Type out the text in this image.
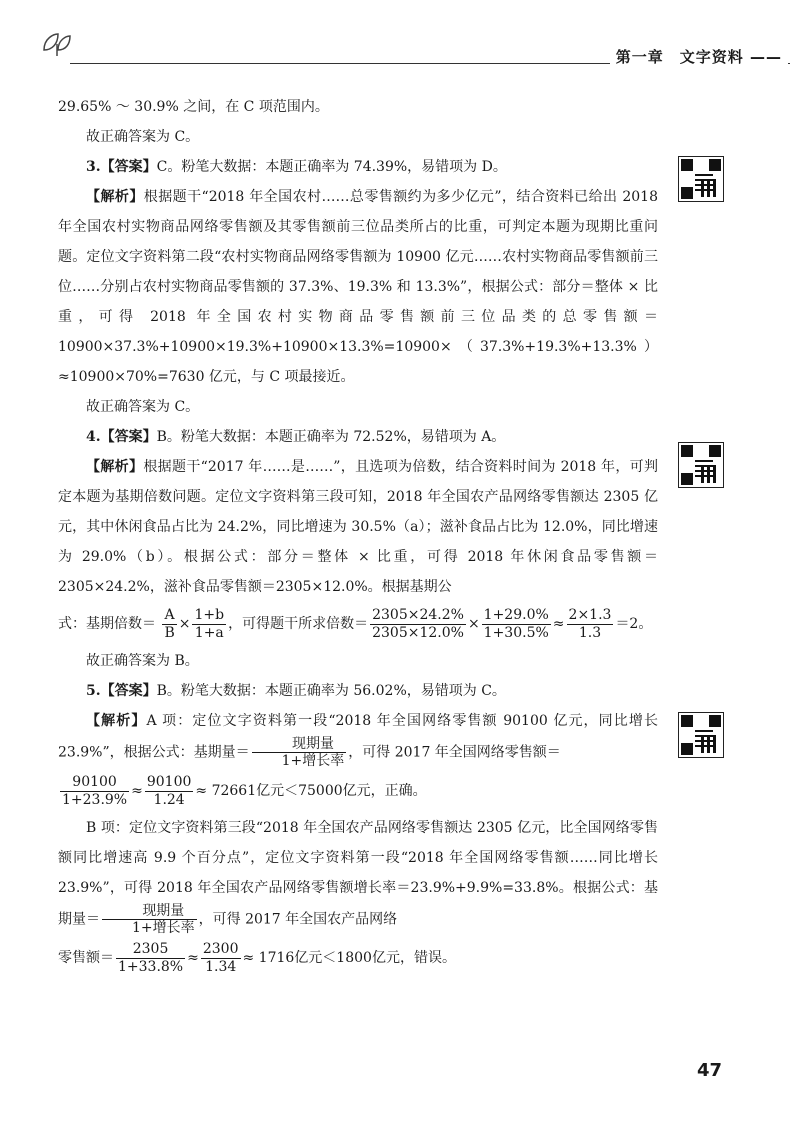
第一章　文字资料 ——

29.65% ～ 30.9% 之间，在 C 项范围内。

故正确答案为 C。

3.【答案】C。粉笔大数据：本题正确率为 74.39%，易错项为 D。

【解析】根据题干“2018 年全国农村……总零售额约为多少亿元”，结合资料已给出 2018 年全国农村实物商品网络零售额及其零售额前三位品类所占的比重，可判定本题为现期比重问题。定位文字资料第二段“农村实物商品网络零售额为 10900 亿元……农村实物商品零售额前三位……分别占农村实物商品零售额的 37.3%、19.3% 和 13.3%”，根据公式：部分＝整体 × 比重，可得 2018 年全国农村实物商品零售额前三位品类的总零售额＝10900×37.3%+10900×19.3%+10900×13.3%=10900×（37.3%+19.3%+13.3%）≈10900×70%=7630 亿元，与 C 项最接近。

故正确答案为 C。

4.【答案】B。粉笔大数据：本题正确率为 72.52%，易错项为 A。

【解析】根据题干“2017 年……是……”，且选项为倍数，结合资料时间为 2018 年，可判定本题为基期倍数问题。定位文字资料第三段可知，2018 年全国农产品网络零售额达 2305 亿元，其中休闲食品占比为 24.2%，同比增速为 30.5%（a）；滋补食品占比为 12.0%，同比增速为 29.0%（b）。根据公式：部分＝整体 × 比重，可得 2018 年休闲食品零售额＝2305×24.2%，滋补食品零售额＝2305×12.0%。根据基期公

式：基期倍数＝ $\frac{A}{B} \times \frac{1+b}{1+a}$ ，可得题干所求倍数＝ $\frac{2305\times 24.2\%}{2305\times 12.0\%} \times \frac{1+29.0\%}{1+30.5\%} \approx \frac{2\times 1.3}{1.3} =2$。

故正确答案为 B。

5.【答案】B。粉笔大数据：本题正确率为 56.02%，易错项为 C。

【解析】A 项：定位文字资料第一段“2018 年全国网络零售额 90100 亿元，同比增长 23.9%”，根据公式：基期量＝ $\frac{\text{现期量}}{\text{1+增长率}}$ ，可得 2017 年全国网络零售额＝

$\frac{90100}{1+23.9\%} \approx \frac{90100}{1.24} \approx 72661$亿元＜75000亿元，正确。

B 项：定位文字资料第三段“2018 年全国农产品网络零售额达 2305 亿元，比全国网络零售额同比增速高 9.9 个百分点”，定位文字资料第一段“2018 年全国网络零售额……同比增长 23.9%”，可得 2018 年全国农产品网络零售额增长率＝23.9%+9.9%=33.8%。根据公式：基期量＝ $\frac{\text{现期量}}{\text{1+增长率}}$ ，可得 2017 年全国农产品网络

零售额＝ $\frac{2305}{1+33.8\%} \approx \frac{2300}{1.34} \approx 1716$亿元＜1800亿元，错误。

47
